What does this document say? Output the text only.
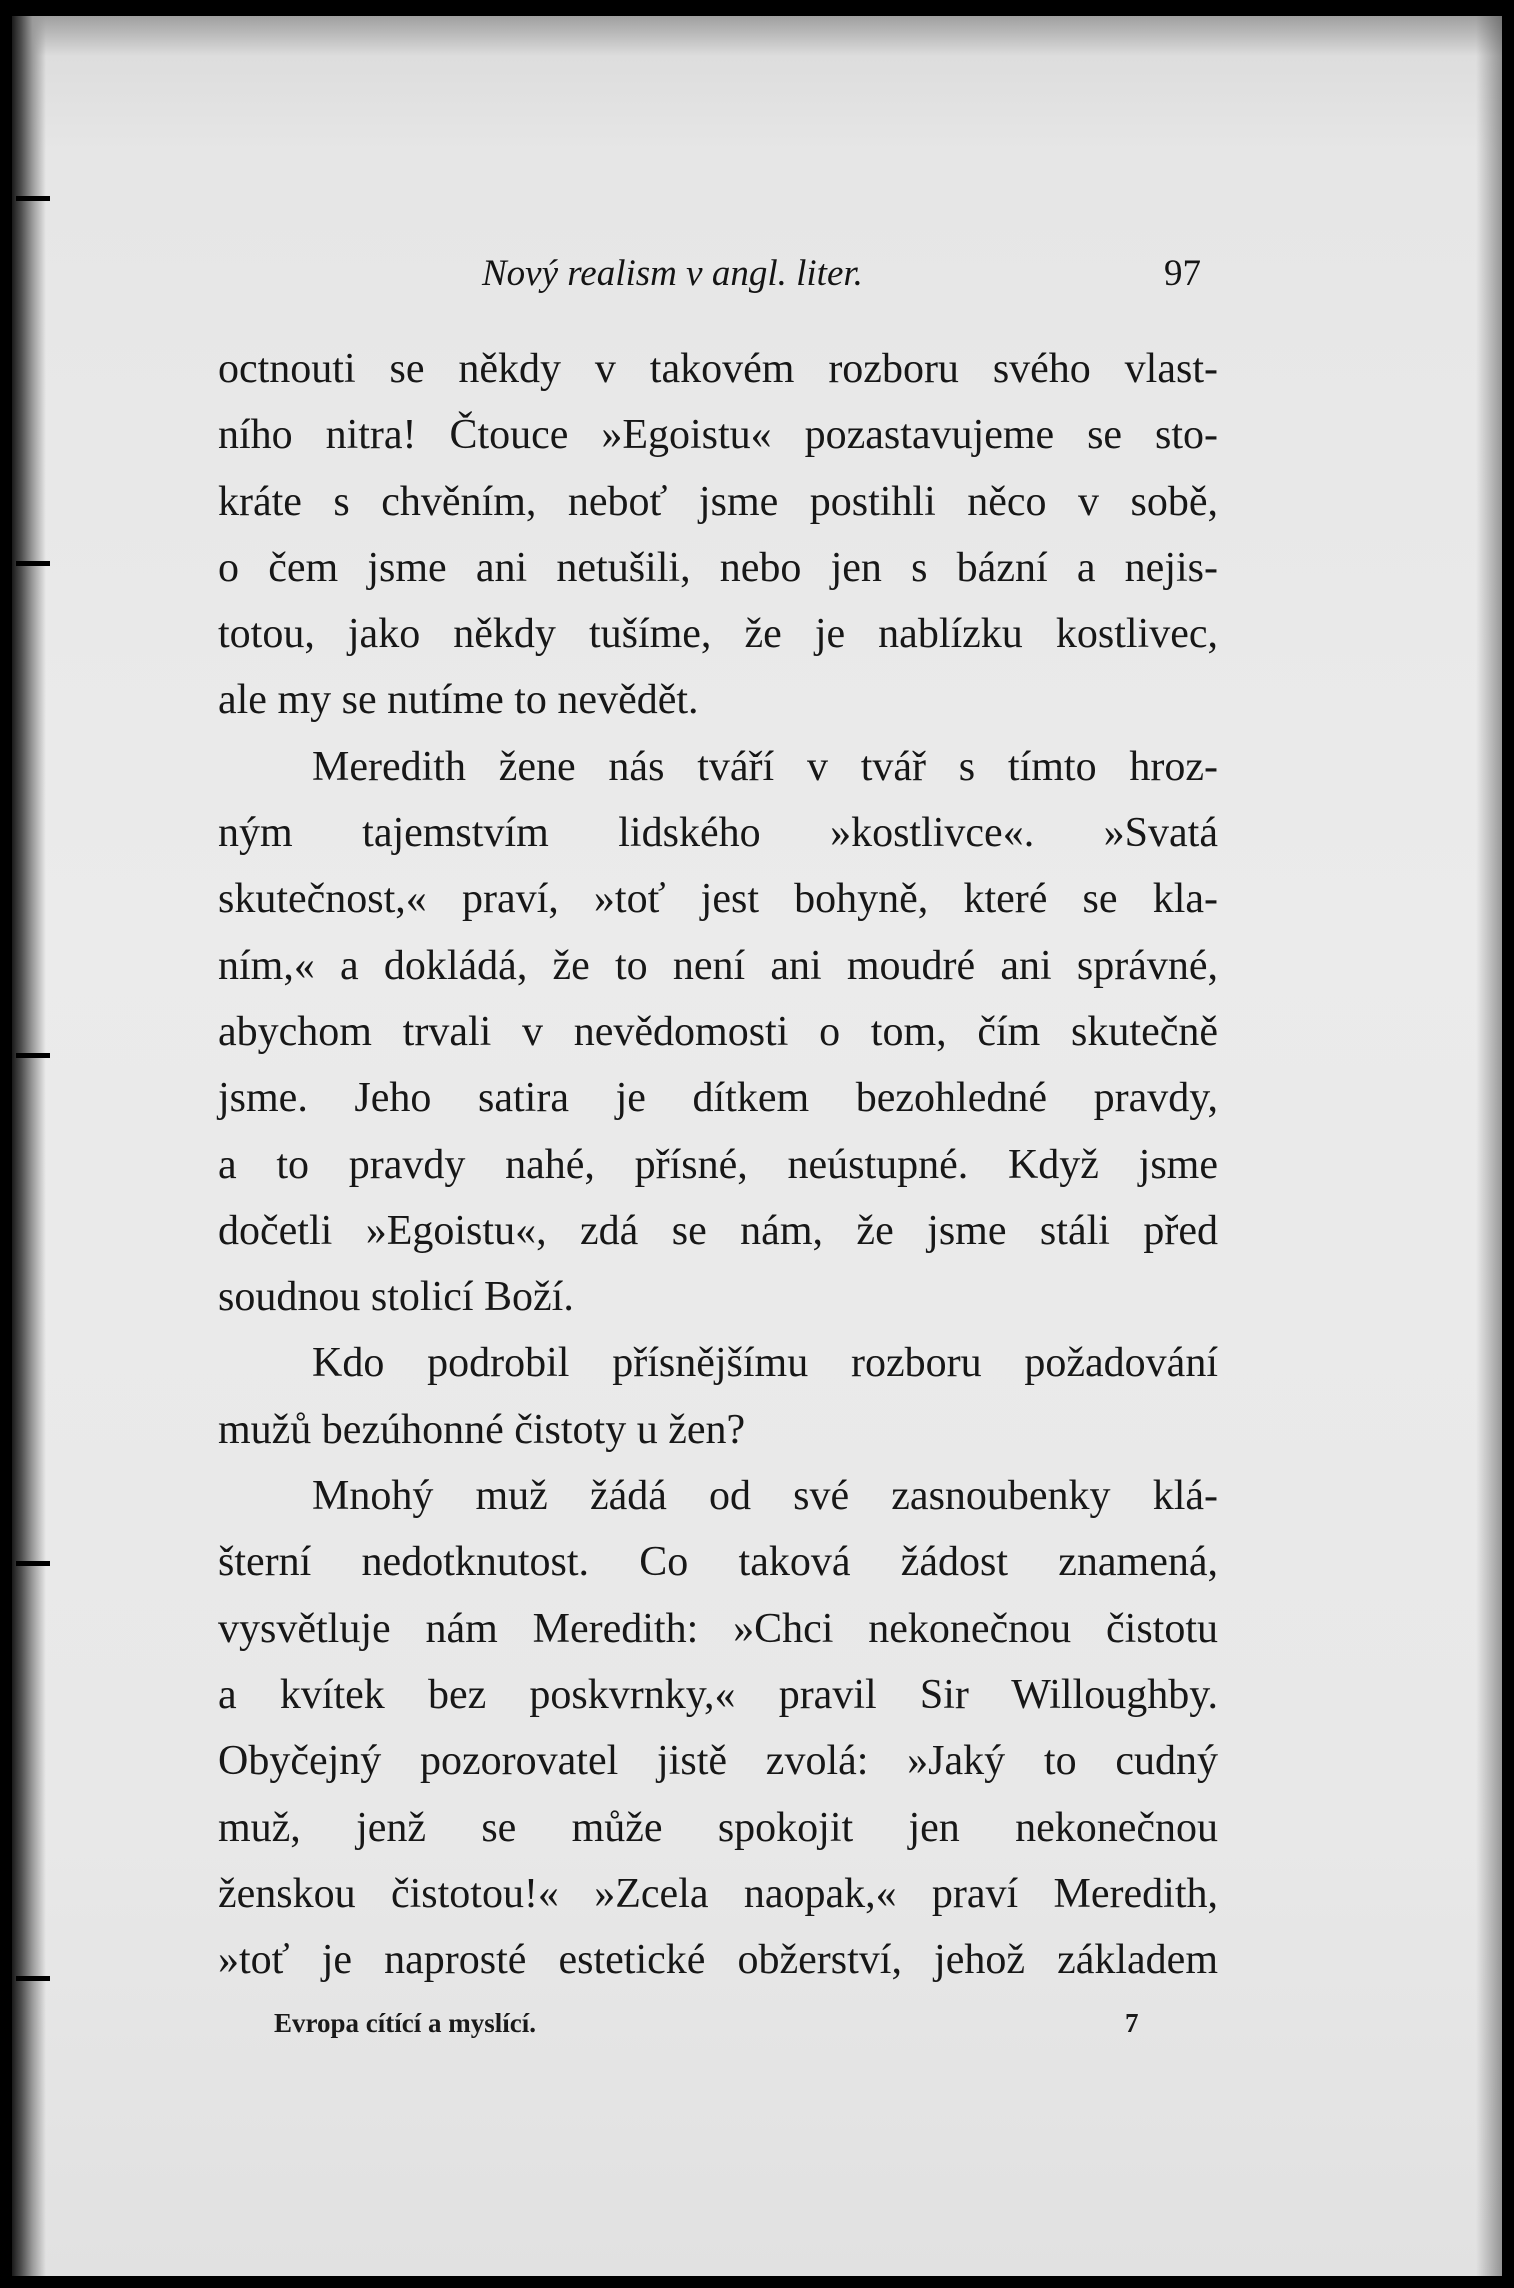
Nový realism v angl. liter.	97
octnouti se někdy v takovém rozboru svého vlast-
ního nitra! Čtouce »Egoistu« pozastavujeme se sto-
kráte s chvěním, neboť jsme postihli něco v sobě,
o čem jsme ani netušili, nebo jen s bázní a nejis-
totou, jako někdy tušíme, že je nablízku kostlivec,
ale my se nutíme to nevědět.
Meredith žene nás tváří v tvář s tímto hroz-
ným tajemstvím lidského »kostlivce«. »Svatá
skutečnost,« praví, »toť jest bohyně, které se kla-
ním,« a dokládá, že to není ani moudré ani správné,
abychom trvali v nevědomosti o tom, čím skutečně
jsme. Jeho satira je dítkem bezohledné pravdy,
a to pravdy nahé, přísné, neústupné. Když jsme
dočetli »Egoistu«, zdá se nám, že jsme stáli před
soudnou stolicí Boží.
Kdo podrobil přísnějšímu rozboru požadování
mužů bezúhonné čistoty u žen?
Mnohý muž žádá od své zasnoubenky klá-
šterní nedotknutost. Co taková žádost znamená,
vysvětluje nám Meredith: »Chci nekonečnou čistotu
a kvítek bez poskvrnky,« pravil Sir Willoughby.
Obyčejný pozorovatel jistě zvolá: »Jaký to cudný
muž, jenž se může spokojit jen nekonečnou
ženskou čistotou!« »Zcela naopak,« praví Meredith,
»toť je naprosté estetické obžerství, jehož základem
Evropa cítící a myslící.	7
